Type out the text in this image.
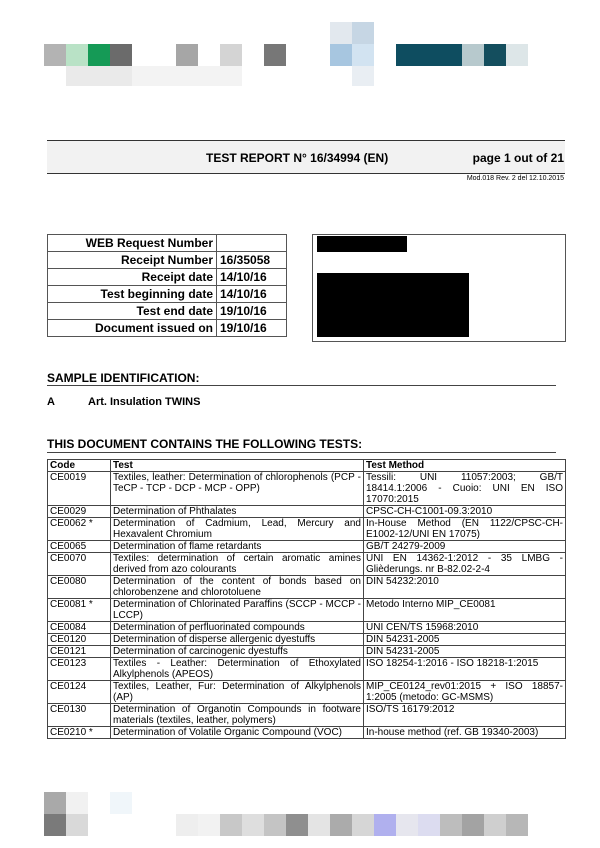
TEST REPORT N° 16/34994 (EN)	page 1 out of 21
Mod.018 Rev. 2 del 12.10.2015
WEB Request Number	
Receipt Number	16/35058
Receipt date	14/10/16
Test beginning date	14/10/16
Test end date	19/10/16
Document issued on	19/10/16
SAMPLE IDENTIFICATION:
A	Art. Insulation TWINS
THIS DOCUMENT CONTAINS THE FOLLOWING TESTS:
Code	Test	Test Method
CE0019	Textiles, leather: Determination of chlorophenols (PCP - TeCP - TCP - DCP - MCP - OPP)	Tessili: UNI 11057:2003; GB/T 18414.1:2006 - Cuoio: UNI EN ISO 17070:2015
CE0029	Determination of Phthalates	CPSC-CH-C1001-09.3:2010
CE0062 *	Determination of Cadmium, Lead, Mercury and Hexavalent Chromium	In-House Method (EN 1122/CPSC-CH-E1002-12/UNI EN 17075)
CE0065	Determination of flame retardants	GB/T 24279-2009
CE0070	Textiles: determination of certain aromatic amines derived from azo colourants	UNI EN 14362-1:2012 - 35 LMBG - Glièderungs. nr B-82.02-2-4
CE0080	Determination of the content of bonds based on chlorobenzene and chlorotoluene	DIN 54232:2010
CE0081 *	Determination of Chlorinated Paraffins (SCCP - MCCP - LCCP)	Metodo Interno MIP_CE0081
CE0084	Determination of perfluorinated compounds	UNI CEN/TS 15968:2010
CE0120	Determination of disperse allergenic dyestuffs	DIN 54231-2005
CE0121	Determination of carcinogenic dyestuffs	DIN 54231-2005
CE0123	Textiles - Leather: Determination of Ethoxylated Alkylphenols (APEOS)	ISO 18254-1:2016 - ISO 18218-1:2015
CE0124	Textiles, Leather, Fur: Determination of Alkylphenols (AP)	MIP_CE0124_rev01:2015 + ISO 18857-1:2005 (metodo: GC-MSMS)
CE0130	Determination of Organotin Compounds in footware materials (textiles, leather, polymers)	ISO/TS 16179:2012
CE0210 *	Determination of Volatile Organic Compound (VOC)	In-house method (ref. GB 19340-2003)
